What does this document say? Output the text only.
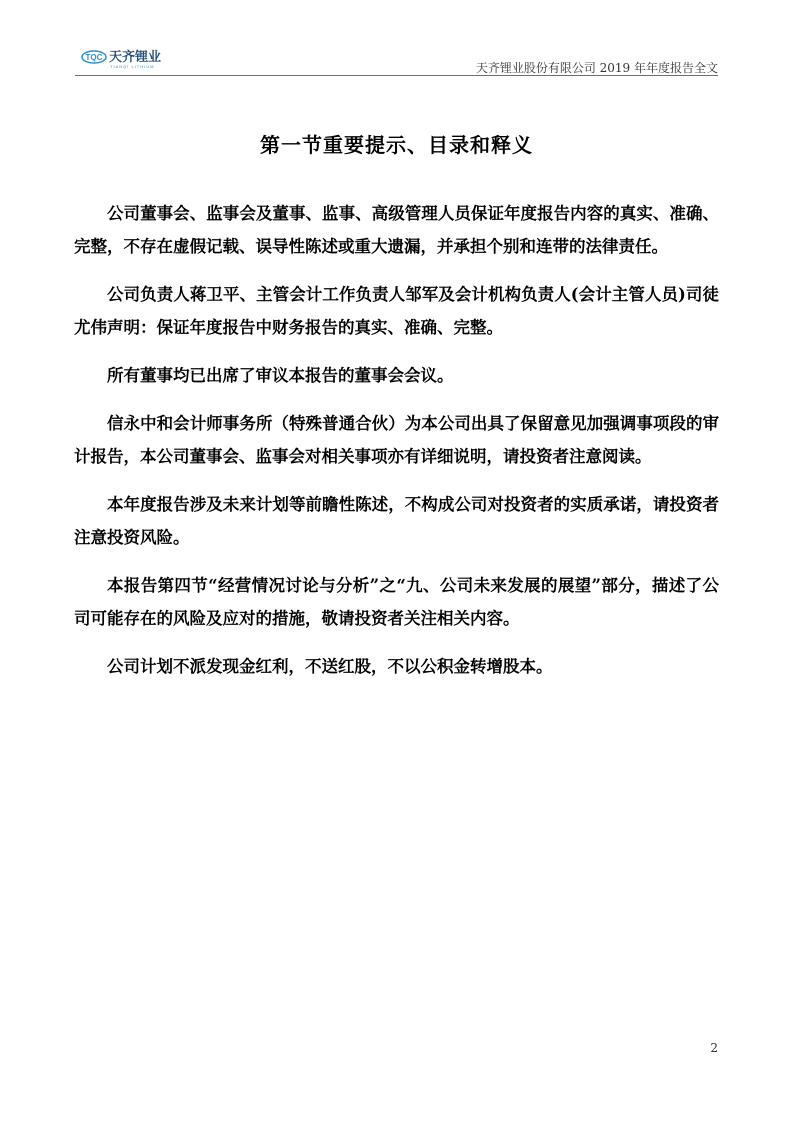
TQC 天齐锂业
TIANQI LITHIUM	天齐锂业股份有限公司 2019 年年度报告全文
第一节重要提示、目录和释义

公司董事会、监事会及董事、监事、高级管理人员保证年度报告内容的真实、准确、完整，不存在虚假记载、误导性陈述或重大遗漏，并承担个别和连带的法律责任。

公司负责人蒋卫平、主管会计工作负责人邹军及会计机构负责人(会计主管人员)司徒尤伟声明：保证年度报告中财务报告的真实、准确、完整。

所有董事均已出席了审议本报告的董事会会议。

信永中和会计师事务所（特殊普通合伙）为本公司出具了保留意见加强调事项段的审计报告，本公司董事会、监事会对相关事项亦有详细说明，请投资者注意阅读。

本年度报告涉及未来计划等前瞻性陈述，不构成公司对投资者的实质承诺，请投资者注意投资风险。

本报告第四节“经营情况讨论与分析”之“九、公司未来发展的展望”部分，描述了公司可能存在的风险及应对的措施，敬请投资者关注相关内容。

公司计划不派发现金红利，不送红股，不以公积金转增股本。

2
